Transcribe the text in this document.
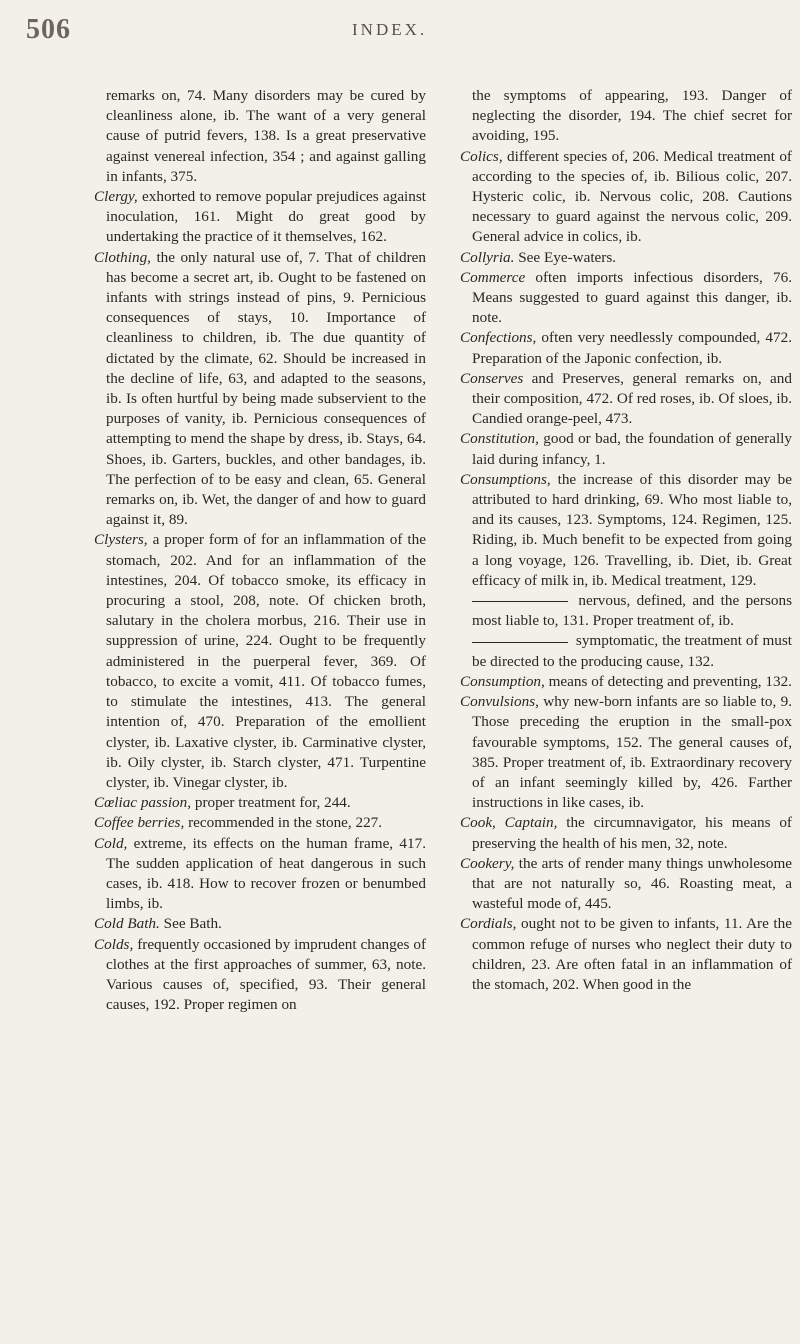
506	INDEX.

remarks on, 74. Many disorders may be cured by cleanliness alone, ib. The want of a very general cause of putrid fevers, 138. Is a great preservative against venereal infection, 354 ; and against galling in infants, 375.

Clergy, exhorted to remove popular prejudices against inoculation, 161. Might do great good by undertaking the practice of it themselves, 162.

Clothing, the only natural use of, 7. That of children has become a secret art, ib. Ought to be fastened on infants with strings instead of pins, 9. Pernicious consequences of stays, 10. Importance of cleanliness to children, ib. The due quantity of dictated by the climate, 62. Should be increased in the decline of life, 63, and adapted to the seasons, ib. Is often hurtful by being made subservient to the purposes of vanity, ib. Pernicious consequences of attempting to mend the shape by dress, ib. Stays, 64. Shoes, ib. Garters, buckles, and other bandages, ib. The perfection of to be easy and clean, 65. General remarks on, ib. Wet, the danger of and how to guard against it, 89.

Clysters, a proper form of for an inflammation of the stomach, 202. And for an inflammation of the intestines, 204. Of tobacco smoke, its efficacy in procuring a stool, 208, note. Of chicken broth, salutary in the cholera morbus, 216. Their use in suppression of urine, 224. Ought to be frequently administered in the puerperal fever, 369. Of tobacco, to excite a vomit, 411. Of tobacco fumes, to stimulate the intestines, 413. The general intention of, 470. Preparation of the emollient clyster, ib. Laxative clyster, ib. Carminative clyster, ib. Oily clyster, ib. Starch clyster, 471. Turpentine clyster, ib. Vinegar clyster, ib.

Cœliac passion, proper treatment for, 244.

Coffee berries, recommended in the stone, 227.

Cold, extreme, its effects on the human frame, 417. The sudden application of heat dangerous in such cases, ib. 418. How to recover frozen or benumbed limbs, ib.

Cold Bath. See Bath.

Colds, frequently occasioned by imprudent changes of clothes at the first approaches of summer, 63, note. Various causes of, specified, 93. Their general causes, 192. Proper regimen on

the symptoms of appearing, 193. Danger of neglecting the disorder, 194. The chief secret for avoiding, 195.

Colics, different species of, 206. Medical treatment of according to the species of, ib. Bilious colic, 207. Hysteric colic, ib. Nervous colic, 208. Cautions necessary to guard against the nervous colic, 209. General advice in colics, ib.

Collyria. See Eye-waters.

Commerce often imports infectious disorders, 76. Means suggested to guard against this danger, ib. note.

Confections, often very needlessly compounded, 472. Preparation of the Japonic confection, ib.

Conserves and Preserves, general remarks on, and their composition, 472. Of red roses, ib. Of sloes, ib. Candied orange-peel, 473.

Constitution, good or bad, the foundation of generally laid during infancy, 1.

Consumptions, the increase of this disorder may be attributed to hard drinking, 69. Who most liable to, and its causes, 123. Symptoms, 124. Regimen, 125. Riding, ib. Much benefit to be expected from going a long voyage, 126. Travelling, ib. Diet, ib. Great efficacy of milk in, ib. Medical treatment, 129.

nervous, defined, and the persons most liable to, 131. Proper treatment of, ib.

symptomatic, the treatment of must be directed to the producing cause, 132.

Consumption, means of detecting and preventing, 132.

Convulsions, why new-born infants are so liable to, 9. Those preceding the eruption in the small-pox favourable symptoms, 152. The general causes of, 385. Proper treatment of, ib. Extraordinary recovery of an infant seemingly killed by, 426. Farther instructions in like cases, ib.

Cook, Captain, the circumnavigator, his means of preserving the health of his men, 32, note.

Cookery, the arts of render many things unwholesome that are not naturally so, 46. Roasting meat, a wasteful mode of, 445.

Cordials, ought not to be given to infants, 11. Are the common refuge of nurses who neglect their duty to children, 23. Are often fatal in an inflammation of the stomach, 202. When good in the
